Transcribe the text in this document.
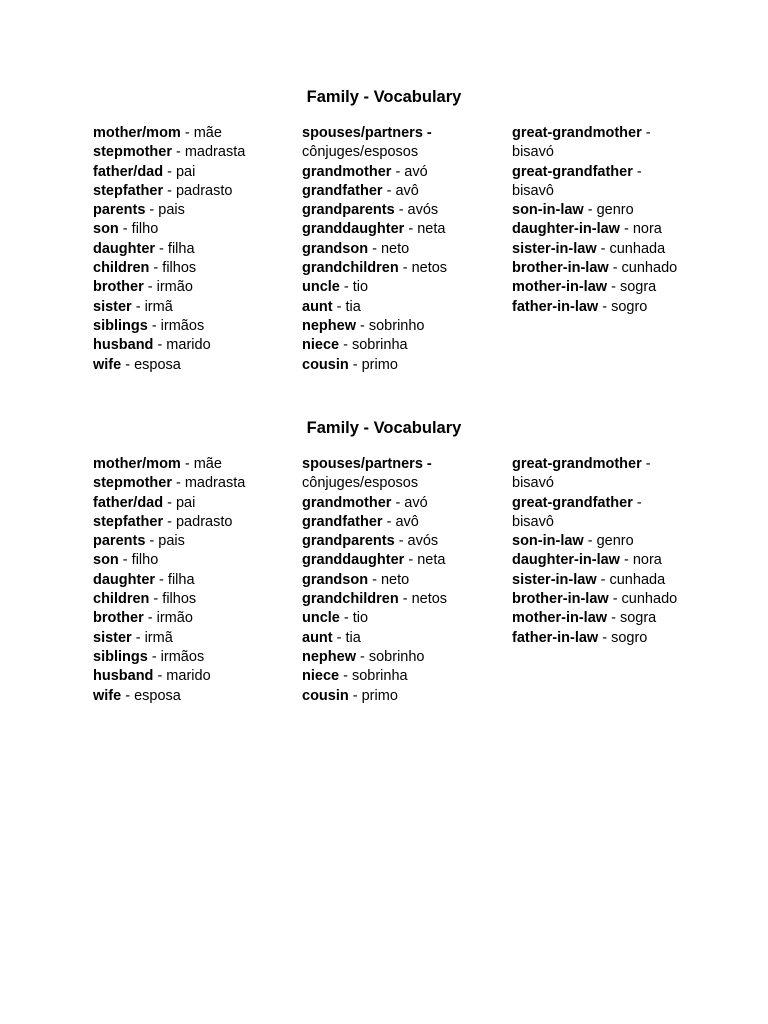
Family - Vocabulary
mother/mom - mãe
stepmother - madrasta
father/dad - pai
stepfather - padrasto
parents - pais
son - filho
daughter - filha
children - filhos
brother - irmão
sister - irmã
siblings - irmãos
husband - marido
wife - esposa
spouses/partners - cônjuges/esposos
grandmother - avó
grandfather - avô
grandparents - avós
granddaughter - neta
grandson - neto
grandchildren - netos
uncle - tio
aunt - tia
nephew - sobrinho
niece - sobrinha
cousin - primo
great-grandmother - bisavó
great-grandfather - bisavô
son-in-law - genro
daughter-in-law - nora
sister-in-law - cunhada
brother-in-law - cunhado
mother-in-law - sogra
father-in-law - sogro
Family - Vocabulary
mother/mom - mãe
stepmother - madrasta
father/dad - pai
stepfather - padrasto
parents - pais
son - filho
daughter - filha
children - filhos
brother - irmão
sister - irmã
siblings - irmãos
husband - marido
wife - esposa
spouses/partners - cônjuges/esposos
grandmother - avó
grandfather - avô
grandparents - avós
granddaughter - neta
grandson - neto
grandchildren - netos
uncle - tio
aunt - tia
nephew - sobrinho
niece - sobrinha
cousin - primo
great-grandmother - bisavó
great-grandfather - bisavô
son-in-law - genro
daughter-in-law - nora
sister-in-law - cunhada
brother-in-law - cunhado
mother-in-law - sogra
father-in-law - sogro
